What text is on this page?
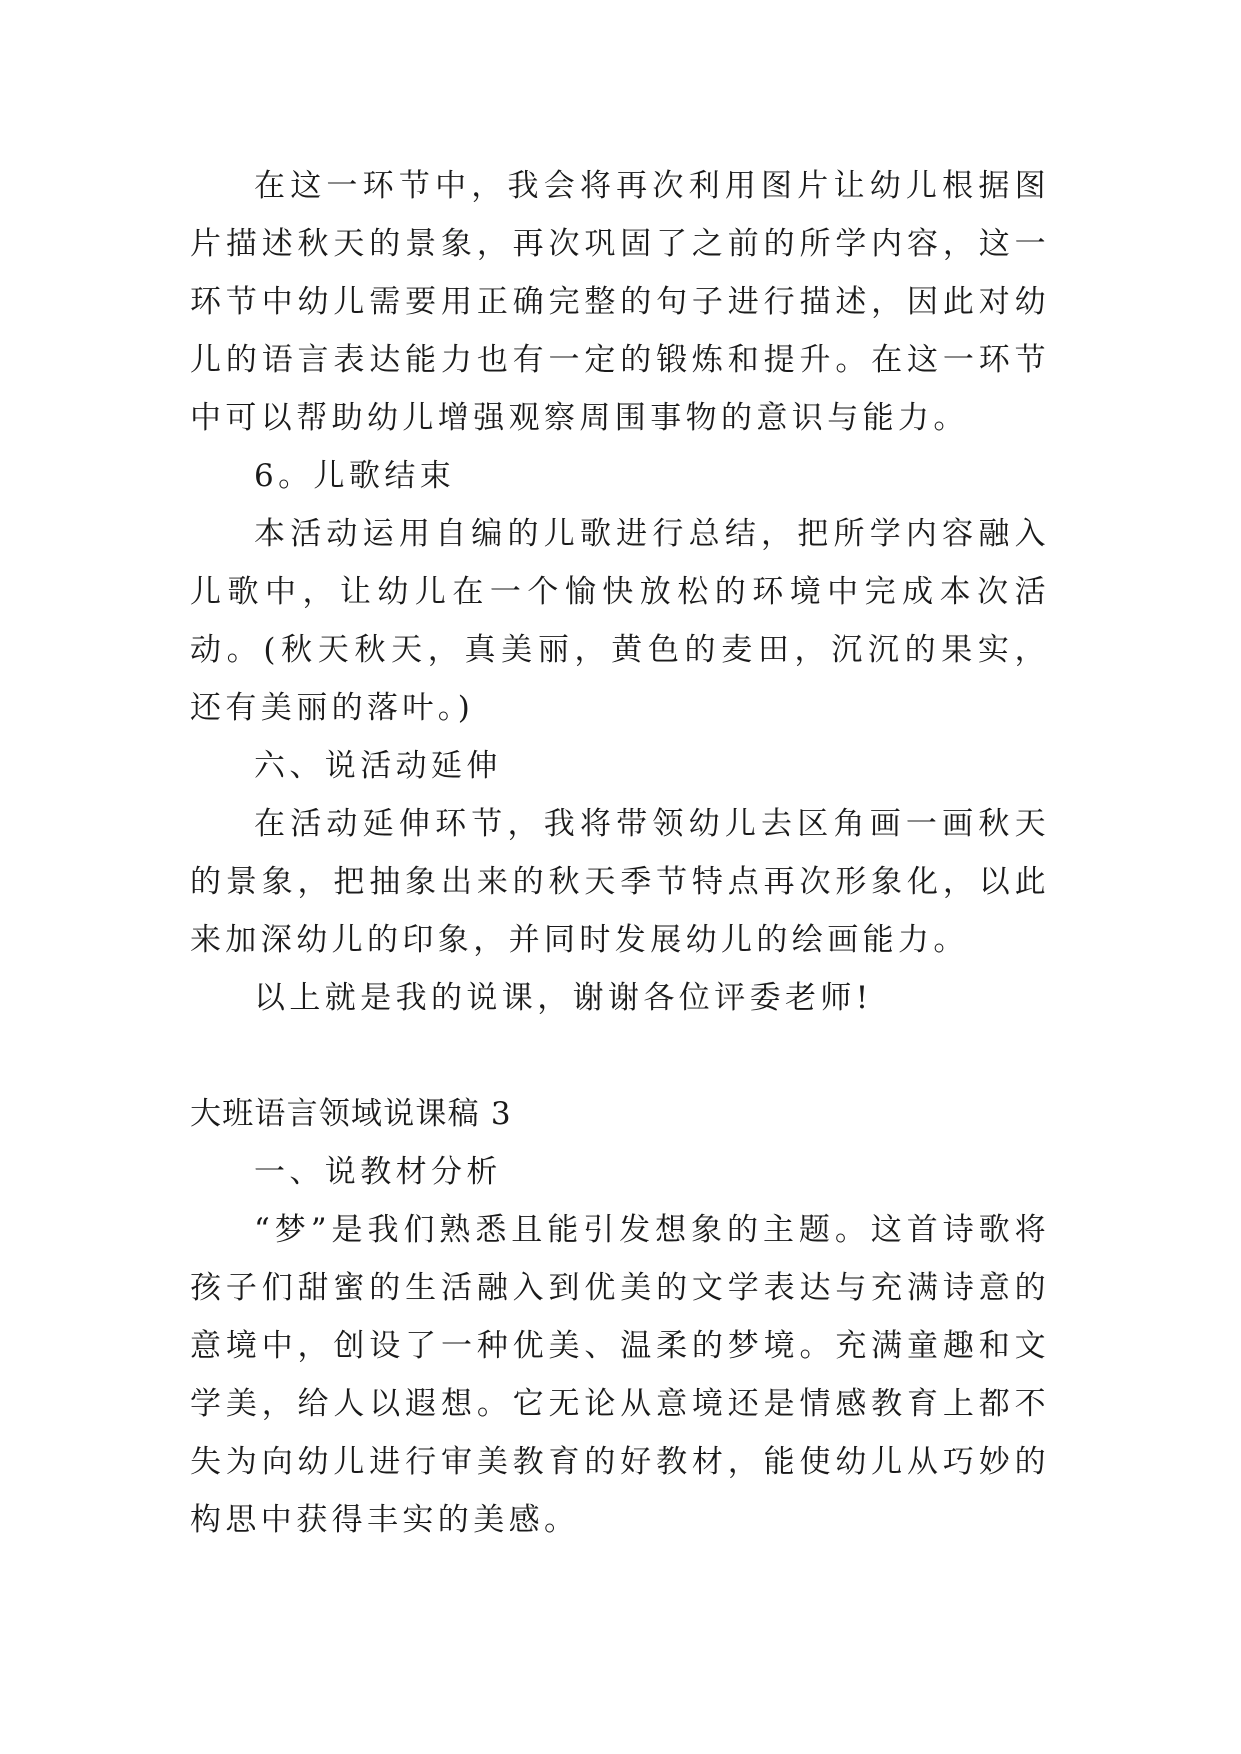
在这一环节中，我会将再次利用图片让幼儿根据图片描述秋天的景象，再次巩固了之前的所学内容，这一环节中幼儿需要用正确完整的句子进行描述，因此对幼儿的语言表达能力也有一定的锻炼和提升。在这一环节中可以帮助幼儿增强观察周围事物的意识与能力。

6。儿歌结束

本活动运用自编的儿歌进行总结，把所学内容融入儿歌中，让幼儿在一个愉快放松的环境中完成本次活动。(秋天秋天，真美丽，黄色的麦田，沉沉的果实，还有美丽的落叶。)

六、说活动延伸

在活动延伸环节，我将带领幼儿去区角画一画秋天的景象，把抽象出来的秋天季节特点再次形象化，以此来加深幼儿的印象，并同时发展幼儿的绘画能力。

以上就是我的说课，谢谢各位评委老师!

大班语言领域说课稿 3

一、说教材分析

“梦”是我们熟悉且能引发想象的主题。这首诗歌将孩子们甜蜜的生活融入到优美的文学表达与充满诗意的意境中，创设了一种优美、温柔的梦境。充满童趣和文学美，给人以遐想。它无论从意境还是情感教育上都不失为向幼儿进行审美教育的好教材，能使幼儿从巧妙的构思中获得丰实的美感。
